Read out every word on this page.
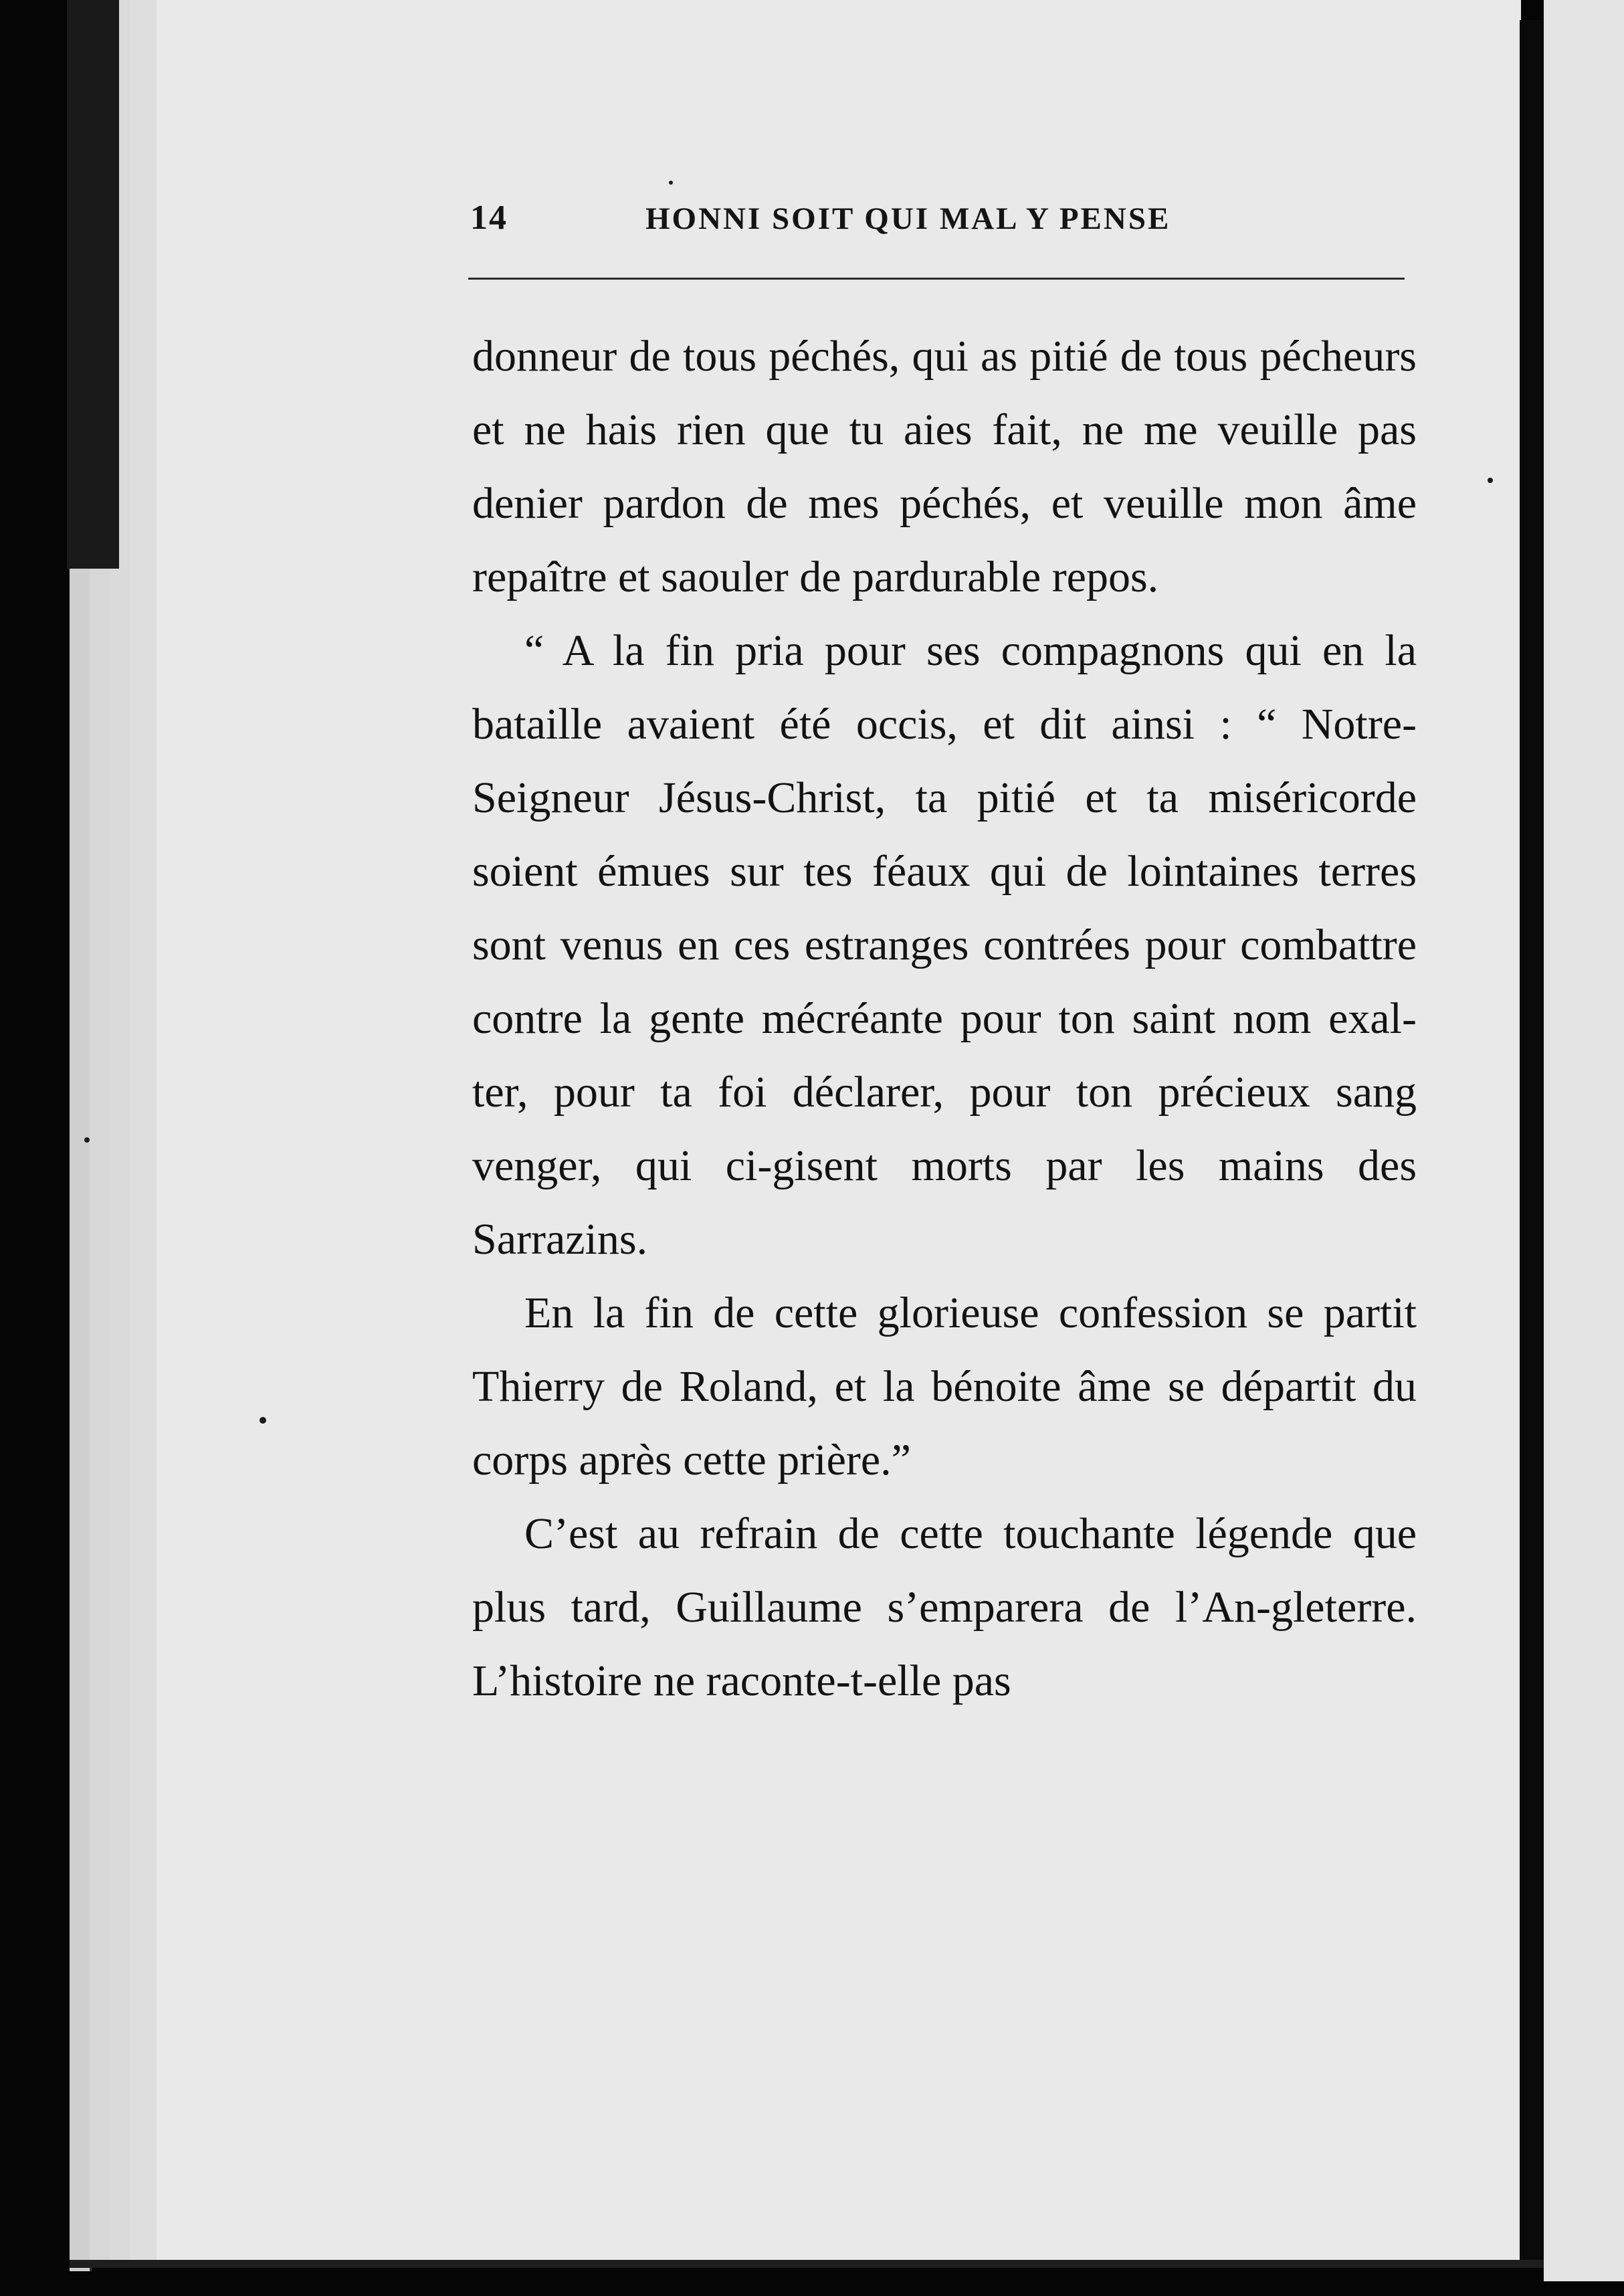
14	HONNI SOIT QUI MAL Y PENSE

donneur de tous péchés, qui as pitié de tous pécheurs et ne hais rien que tu aies fait, ne me veuille pas denier pardon de mes péchés, et veuille mon âme repaître et saouler de pardurable repos.

“ A la fin pria pour ses compagnons qui en la bataille avaient été occis, et dit ainsi : “ Notre-Seigneur Jésus-Christ, ta pitié et ta miséricorde soient émues sur tes féaux qui de lointaines terres sont venus en ces estranges contrées pour combattre contre la gente mécréante pour ton saint nom exal-ter, pour ta foi déclarer, pour ton précieux sang venger, qui ci-gisent morts par les mains des Sarrazins.

En la fin de cette glorieuse confession se partit Thierry de Roland, et la bénoite âme se départit du corps après cette prière.”

C’est au refrain de cette touchante légende que plus tard, Guillaume s’emparera de l’An-gleterre. L’histoire ne raconte-t-elle pas
